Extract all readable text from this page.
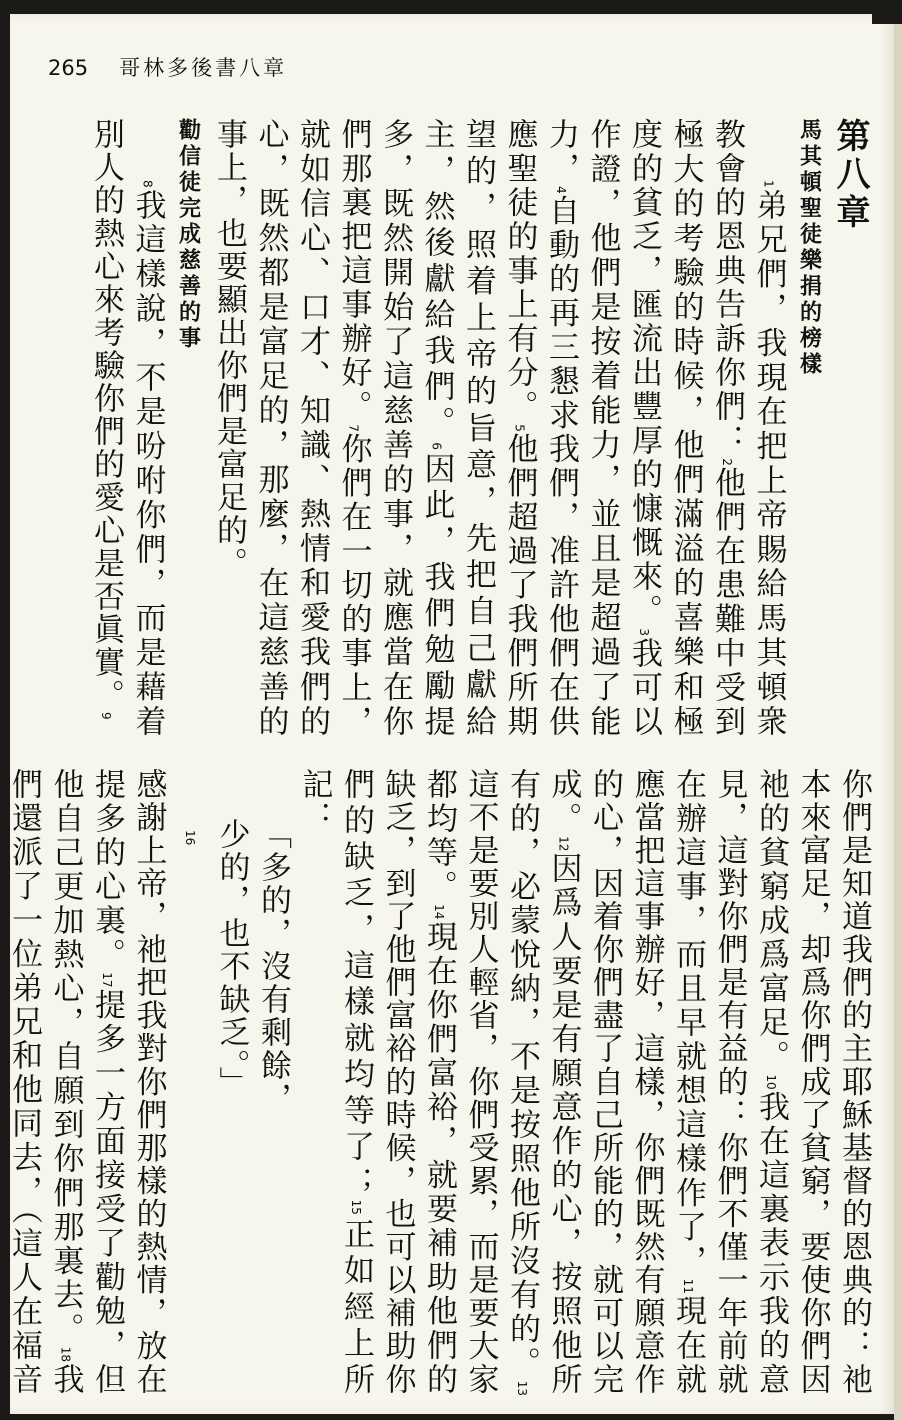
265 哥林多後書八章
第八章
馬其頓聖徒樂捐的榜樣
1弟兄們，我現在把上帝賜給馬其頓衆教會的恩典告訴你們：2他們在患難中受到極大的考驗的時候，他們滿溢的喜樂和極度的貧乏，匯流出豐厚的慷慨來。3我可以作證，他們是按着能力，並且是超過了能力，4自動的再三懇求我們，准許他們在供應聖徒的事上有分。5他們超過了我們所期望的，照着上帝的旨意，先把自己獻給主，然後獻給我們。6因此，我們勉勵提多，既然開始了這慈善的事，就應當在你們那裏把這事辦好。7你們在一切的事上，就如信心、口才、知識、熱情和愛我們的心，既然都是富足的，那麼，在這慈善的事上，也要顯出你們是富足的。
勸信徒完成慈善的事
8我這樣說，不是吩咐你們，而是藉着別人的熱心來考驗你們的愛心是否眞實。9
你們是知道我們的主耶穌基督的恩典的：祂本來富足，却爲你們成了貧窮，要使你們因祂的貧窮成爲富足。10我在這裏表示我的意見，這對你們是有益的：你們不僅一年前就在辦這事，而且早就想這樣作了，11現在就應當把這事辦好，這樣，你們既然有願意作的心，因着你們盡了自己所能的，就可以完成。12因爲人要是有願意作的心，按照他所有的，必蒙悅納，不是按照他所沒有的。13這不是要別人輕省，你們受累，而是要大家都均等。14現在你們富裕，就要補助他們的缺乏，到了他們富裕的時候，也可以補助你們的缺乏，這樣就均等了；15正如經上所記：
「多的，沒有剩餘，
少的，也不缺乏。」
16
感謝上帝，祂把我對你們那樣的熱情，放在提多的心裏。17提多一方面接受了勸勉，但他自己更加熱心，自願到你們那裏去。18我們還派了一位弟兄和他同去，（這人在福音
